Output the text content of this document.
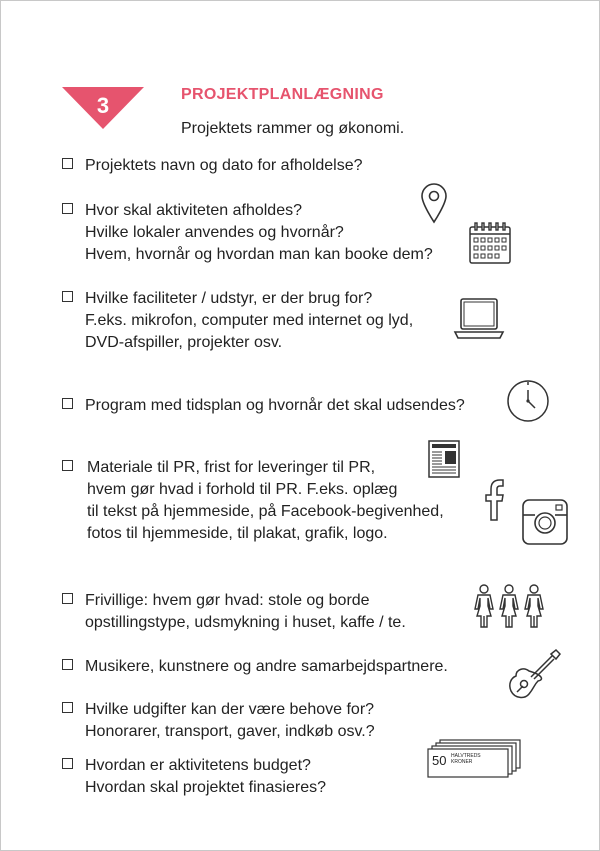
3	PROJEKTPLANLÆGNING
Projektets rammer og økonomi.
Projektets navn og dato for afholdelse?
Hvor skal aktiviteten afholdes?
Hvilke lokaler anvendes og hvornår?
Hvem, hvornår og hvordan man kan booke dem?
Hvilke faciliteter / udstyr, er der brug for?
F.eks. mikrofon, computer med internet og lyd,
DVD-afspiller, projekter osv.
Program med tidsplan og hvornår det skal udsendes?
Materiale til PR, frist for leveringer til PR,
hvem gør hvad i forhold til PR. F.eks. oplæg
til tekst på hjemmeside, på Facebook-begivenhed,
fotos til hjemmeside, til plakat, grafik, logo.
Frivillige: hvem gør hvad: stole og borde
opstillingstype, udsmykning i huset, kaffe / te.
Musikere, kunstnere og andre samarbejdspartnere.
Hvilke udgifter kan der være behove for?
Honorarer, transport, gaver, indkøb osv.?
Hvordan er aktivitetens budget?
Hvordan skal projektet finasieres?
50 HALVTREDS
KRONER
